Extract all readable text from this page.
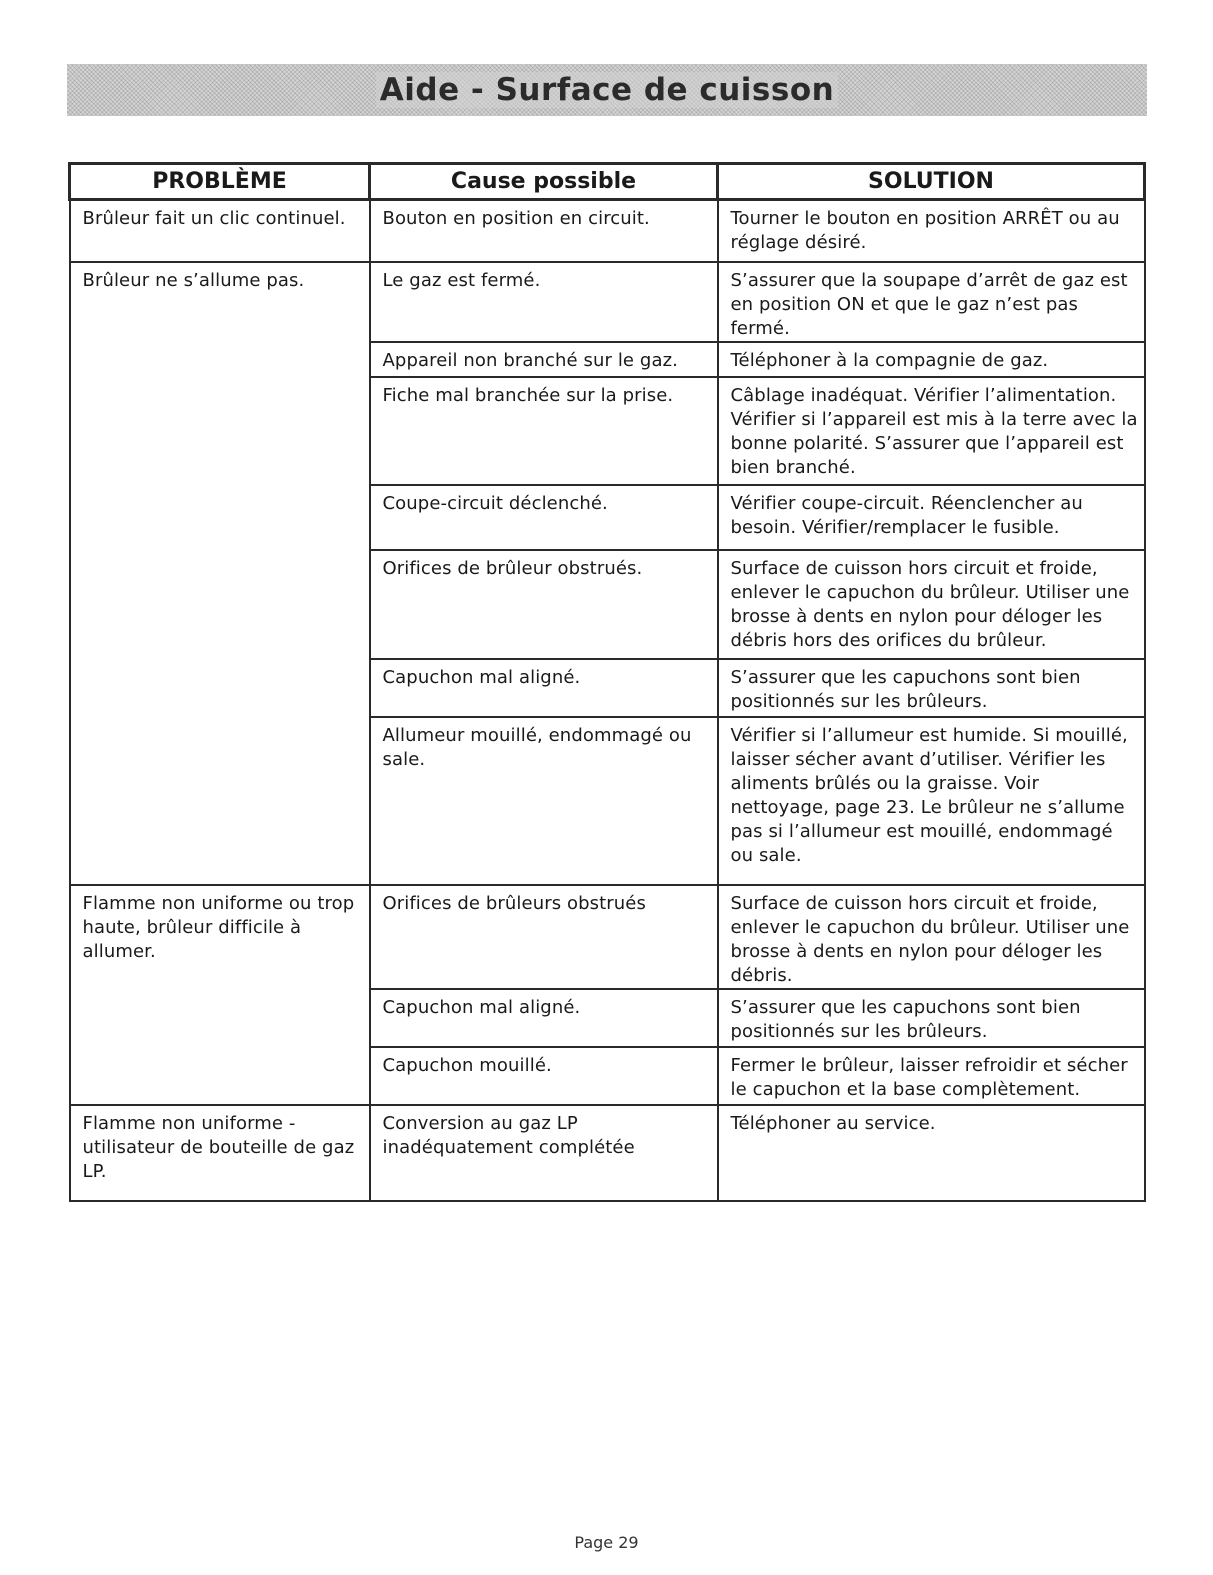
Aide - Surface de cuisson
PROBLÈME	Cause possible	SOLUTION

Brûleur fait un clic continuel.	Bouton en position en circuit.	Tourner le bouton en position ARRÊT ou au réglage désiré.

Brûleur ne s’allume pas.	Le gaz est fermé.	S’assurer que la soupape d’arrêt de gaz est en position ON et que le gaz n’est pas fermé.

	Appareil non branché sur le gaz.	Téléphoner à la compagnie de gaz.

	Fiche mal branchée sur la prise.	Câblage inadéquat. Vérifier l’alimentation. Vérifier si l’appareil est mis à la terre avec la bonne polarité. S’assurer que l’appareil est bien branché.

	Coupe-circuit déclenché.	Vérifier coupe-circuit. Réenclencher au besoin. Vérifier/remplacer le fusible.

	Orifices de brûleur obstrués.	Surface de cuisson hors circuit et froide, enlever le capuchon du brûleur. Utiliser une brosse à dents en nylon pour déloger les débris hors des orifices du brûleur.

	Capuchon mal aligné.	S’assurer que les capuchons sont bien positionnés sur les brûleurs.

	Allumeur mouillé, endommagé ou sale.	Vérifier si l’allumeur est humide. Si mouillé, laisser sécher avant d’utiliser. Vérifier les aliments brûlés ou la graisse. Voir nettoyage, page 23. Le brûleur ne s’allume pas si l’allumeur est mouillé, endommagé ou sale.

Flamme non uniforme ou trop haute, brûleur difficile à allumer.	Orifices de brûleurs obstrués	Surface de cuisson hors circuit et froide, enlever le capuchon du brûleur. Utiliser une brosse à dents en nylon pour déloger les débris.

	Capuchon mal aligné.	S’assurer que les capuchons sont bien positionnés sur les brûleurs.

	Capuchon mouillé.	Fermer le brûleur, laisser refroidir et sécher le capuchon et la base complètement.

Flamme non uniforme - utilisateur de bouteille de gaz LP.	Conversion au gaz LP inadéquatement complétée	Téléphoner au service.
Page 29
